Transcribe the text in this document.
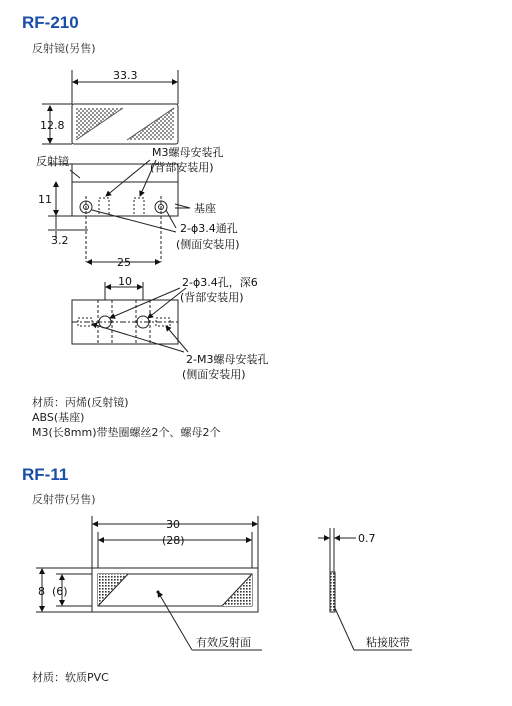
RF-210
反射镜(另售)
RF-11
反射带(另售)
材质：丙烯(反射镜)
ABS(基座)
M3(长8mm)带垫圈螺丝2个、螺母2个
材质：软质PVC
33.3
12.8
反射镜
M3螺母安装孔
(背部安装用)
11
基座
2-ϕ3.4通孔
(侧面安装用)
3.2
25
10	2-ϕ3.4孔，深6
(背部安装用)
2-M3螺母安装孔
(侧面安装用)
30
(28)
8 (6)
0.7
有效反射面	粘接胶带
